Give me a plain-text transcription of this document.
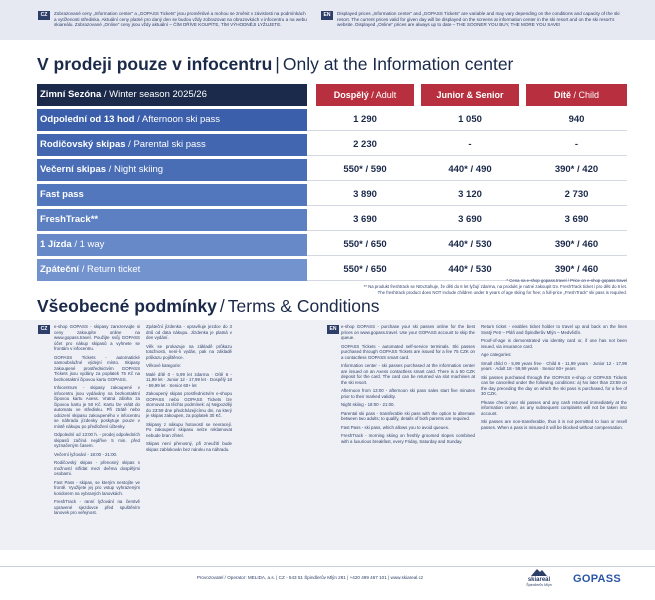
CZ	Zobrazované ceny „Information center“ a „GOPASS Tickets“ jsou proměnlivé a mohou se změnit v závislosti na podmínkách a vytíženosti střediska. Aktuální ceny platné pro daný den se budou vždy zobrazovat na obrazovkách v infocentru a na webu skiareálu. Zobrazované „Online“ ceny jsou vždy aktuální – ČÍM DŘÍVE KOUPÍTE, TÍM VÝHODNĚJI LYŽUJETE.
EN	Displayed prices „Information center“ and „GOPASS Tickets“ are variable and may vary depending on the conditions and capacity of the ski resort. The current prices valid for given day will be displayed on the screens at information center in the ski resort and on the ski resort’s website. Displayed „Online“ prices are always up to date – THE SOONER YOU BUY, THE MORE YOU SAVE!
V prodeji pouze v infocentru | Only at the Information center
Zimní Sezóna / Winter season 2025/26	Dospělý / Adult	Junior & Senior	Dítě / Child
Odpolední od 13 hod / Afternoon ski pass	1 290	1 050	940
Rodičovský skipas / Parental ski pass	2 230	-	-
Večerní skipas / Night skiing	550* / 590	440* / 490	390* / 420
Fast pass	3 890	3 120	2 730
FreshTrack**	3 690	3 690	3 690
1 Jízda / 1 way	550* / 650	440* / 530	390* / 460
Zpáteční / Return ticket	550* / 650	440* / 530	390* / 460
* Cena na e-shop gopass.travel / Price on e-shop gopass.travel
** Na produkt freshtrack se NEvztahuje, že děti do 6 let lyžují zdarma, na produkt je nutné zakoupit tzv. FreshTrack ticket i pro děti do 6 let.
The freshtrack product does NOT include children under 6 years of age skiing for free; a full-price „FreshTrack“ ski pass is required.
Všeobecné podmínky / Terms & Conditions
CZ	EN

e-shop GOPASS - skipasy zarezervujte si ceny zakoupíte online na www.gopass.travel. Použijte svůj GOPASS účet pro nákup skipasů a vyhnete se frontám v infocentru.

GOPASS Tickets - automatické samoobslužné výdejní místo. Skipasy zakoupené prostřednictvím GOPASS Tickets jsou vydány za poplatek 75 Kč na bezkontaktní čipovou kartu GOPASS.

Infocentrum - skipasy zakoupené v infocentru jsou vydávány na bezkontaktní čipovou kartu Axess. Vratná záloha za čipovou kartu je 50 Kč. Kartu lze vrátit do automatu ve středisku. Při ztrátě nebo odcizení skipasu zakoupeného v infocentru se náhrada jízdenky poskytuje pouze v místě nákupu po předložení účtenky.

Odpolední od 13:00 h. - prodej odpoledních skipasů začíná nejdříve 5 min. před vyznačeným časem.

Večerní lyžování - 18:00 - 21:00.

Rodičovský skipas - přenosný skipas s možností střídat mezi dvěma dospělými osobami.

Fast Pass - skipas, se kterým nestojíte ve frontě. Využijete jej pro vstup vyhrazeným koridorem na vybraných lanovkách.

FreshTrack - ranní lyžování na čerstvě upravené sjezdovce před spuštěním lanovek pro veřejnost.

Zpáteční jízdenka - opravňuje jezdce do 3 dnů od data nákupu. Jízdenka je platná v den vydání.

Věk se prokazuje na základě průkazu totožnosti, není-li vydán, pak na základě průkazu pojištěnce.

Věkové kategorie:

Malé dítě 0 - 5,99 let zdarma · Dítě 6 - 11,99 let · Junior 12 - 17,99 let · Dospělý 18 - 59,99 let · Senior 60+ let

Zakoupený skipas prostřednictvím e-shopu GOPASS nebo GOPASS Tickets lze stornovat za těchto podmínek: a) Nejpozději do 23:59 dne předcházejícímu dni, na který je skipas zakoupen, za poplatek 30 Kč.

Skipasy z nákupu hotovostí se nevracejí. Po zakoupení skipasu nelze reklamovat nebude bran zřetel.

Skipas není přenosný, při zneužití bude skipas zablokován bez nároku na náhradu.

e-shop GOPASS - purchase your ski passes online for the best prices on www.gopass.travel. Use your GOPASS account to skip the queue.

GOPASS Tickets - automated self-service terminals. Ski passes purchased through GOPASS Tickets are issued for a fee 75 CZK on a contactless GOPASS smart card.

Information center - ski passes purchased at the information center are issued on an Axess contactless smart card. There is a 50 CZK deposit for the card. The card can be returned via slot machines at the ski resort.

Afternoon from 13:00 - afternoon ski pass sales start five minutes prior to their marked validity.

Night skiing - 18:00 - 21:00.

Parental ski pass - transferable ski pass with the option to alternate between two adults; to qualify, details of both parents are required.

Fast Pass - ski pass, which allows you to avoid queues.

FreshTrack - morning skiing on freshly groomed slopes combined with a luxurious breakfast, every Friday, Saturday and Sunday.

Return ticket - enables ticket holder to travel up and back on the lines Svatý Petr – Pláň and Špindlerův Mlýn – Medvědín.

Proof-of-age is demonstrated via identity card or, if one has not been issued, via insurance card.

Age categories:

Small child 0 - 5,99 years free · Child 6 - 11,99 years · Junior 12 - 17,99 years · Adult 18 - 59,99 years · Senior 60+ years

Ski passes purchased through the GOPASS e-shop or GOPASS Tickets can be cancelled under the following conditions: a) No later than 23:59 on the day preceding the day on which the ski pass is purchased, for a fee of 30 CZK.

Please check your ski passes and any cash returned immediately at the information center, as any subsequent complaints will not be taken into account.

Ski passes are non-transferable, thus it is not permitted to loan or resell passes. When a pass is misused it will be blocked without compensation.

Provozovatel / Operator: MELIDA, a.s. | CZ - 543 51 Špindlerův Mlýn 281 | +420 499 467 101 | www.skiareal.cz	skiareál
Špindlerův Mlýn	GOPASS
